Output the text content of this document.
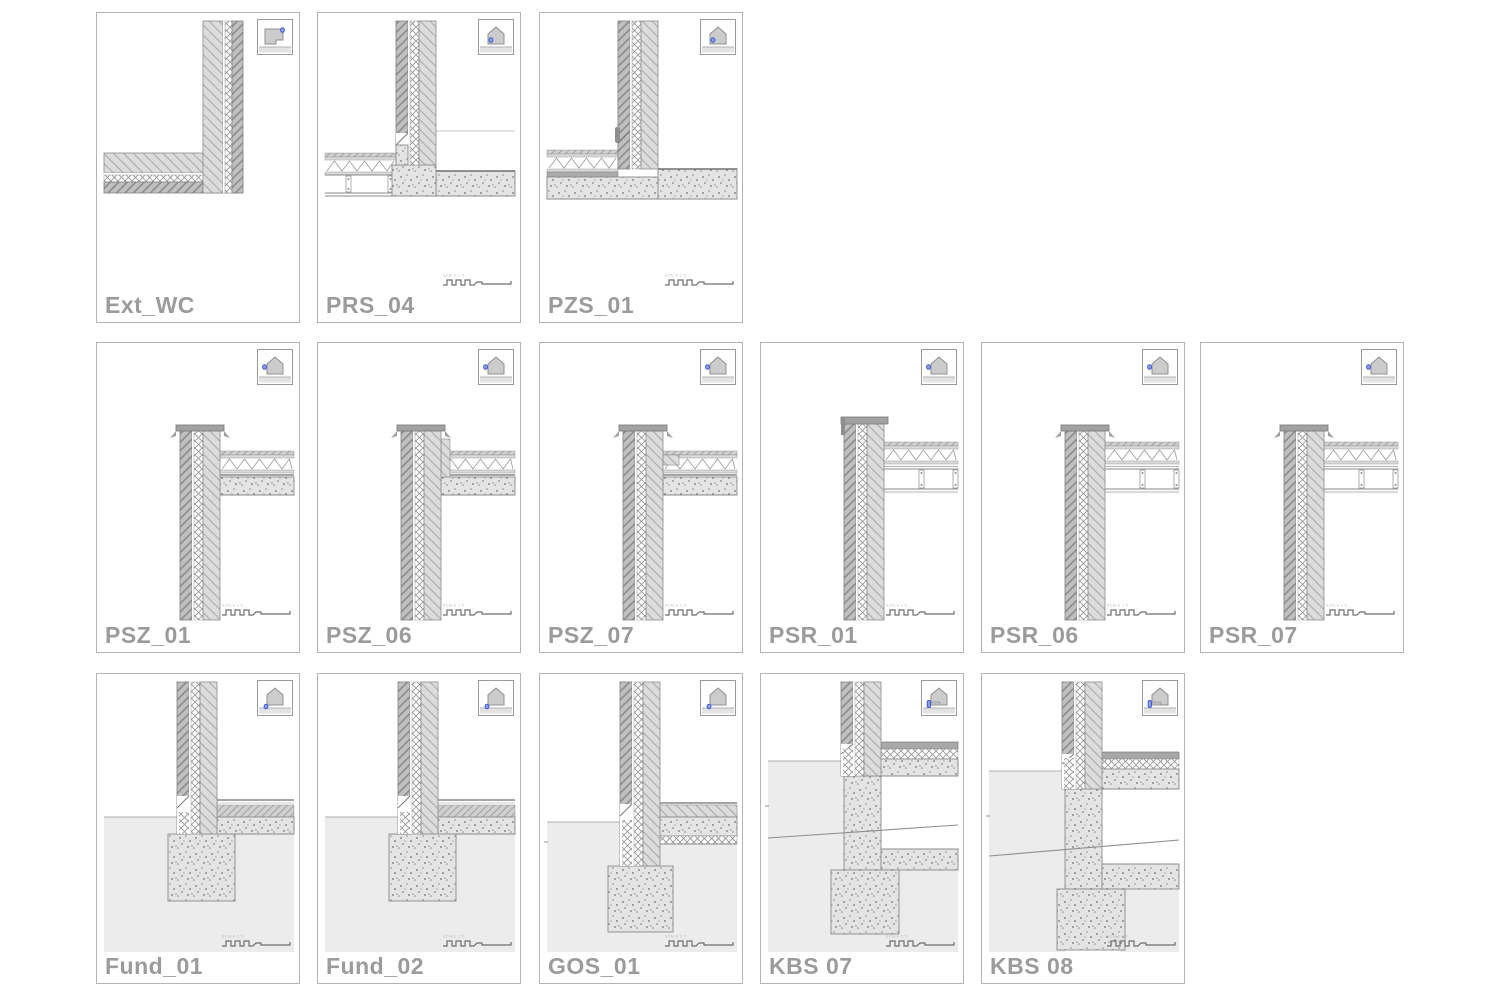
Ext_WC
SCALE 1:5
PRS_04
SCALE 1:5
PZS_01
SCALE 1:5
PSZ_01
SCALE 1:5
PSZ_06
SCALE 1:5
PSZ_07
SCALE 1:5
PSR_01
SCALE 1:5
PSR_06
SCALE 1:5
PSR_07
SCALE 1:5
Fund_01
SCALE 1:5
Fund_02
SCALE 1:5
GOS_01
SCALE 1:5
KBS 07
SCALE 1:5
KBS 08
